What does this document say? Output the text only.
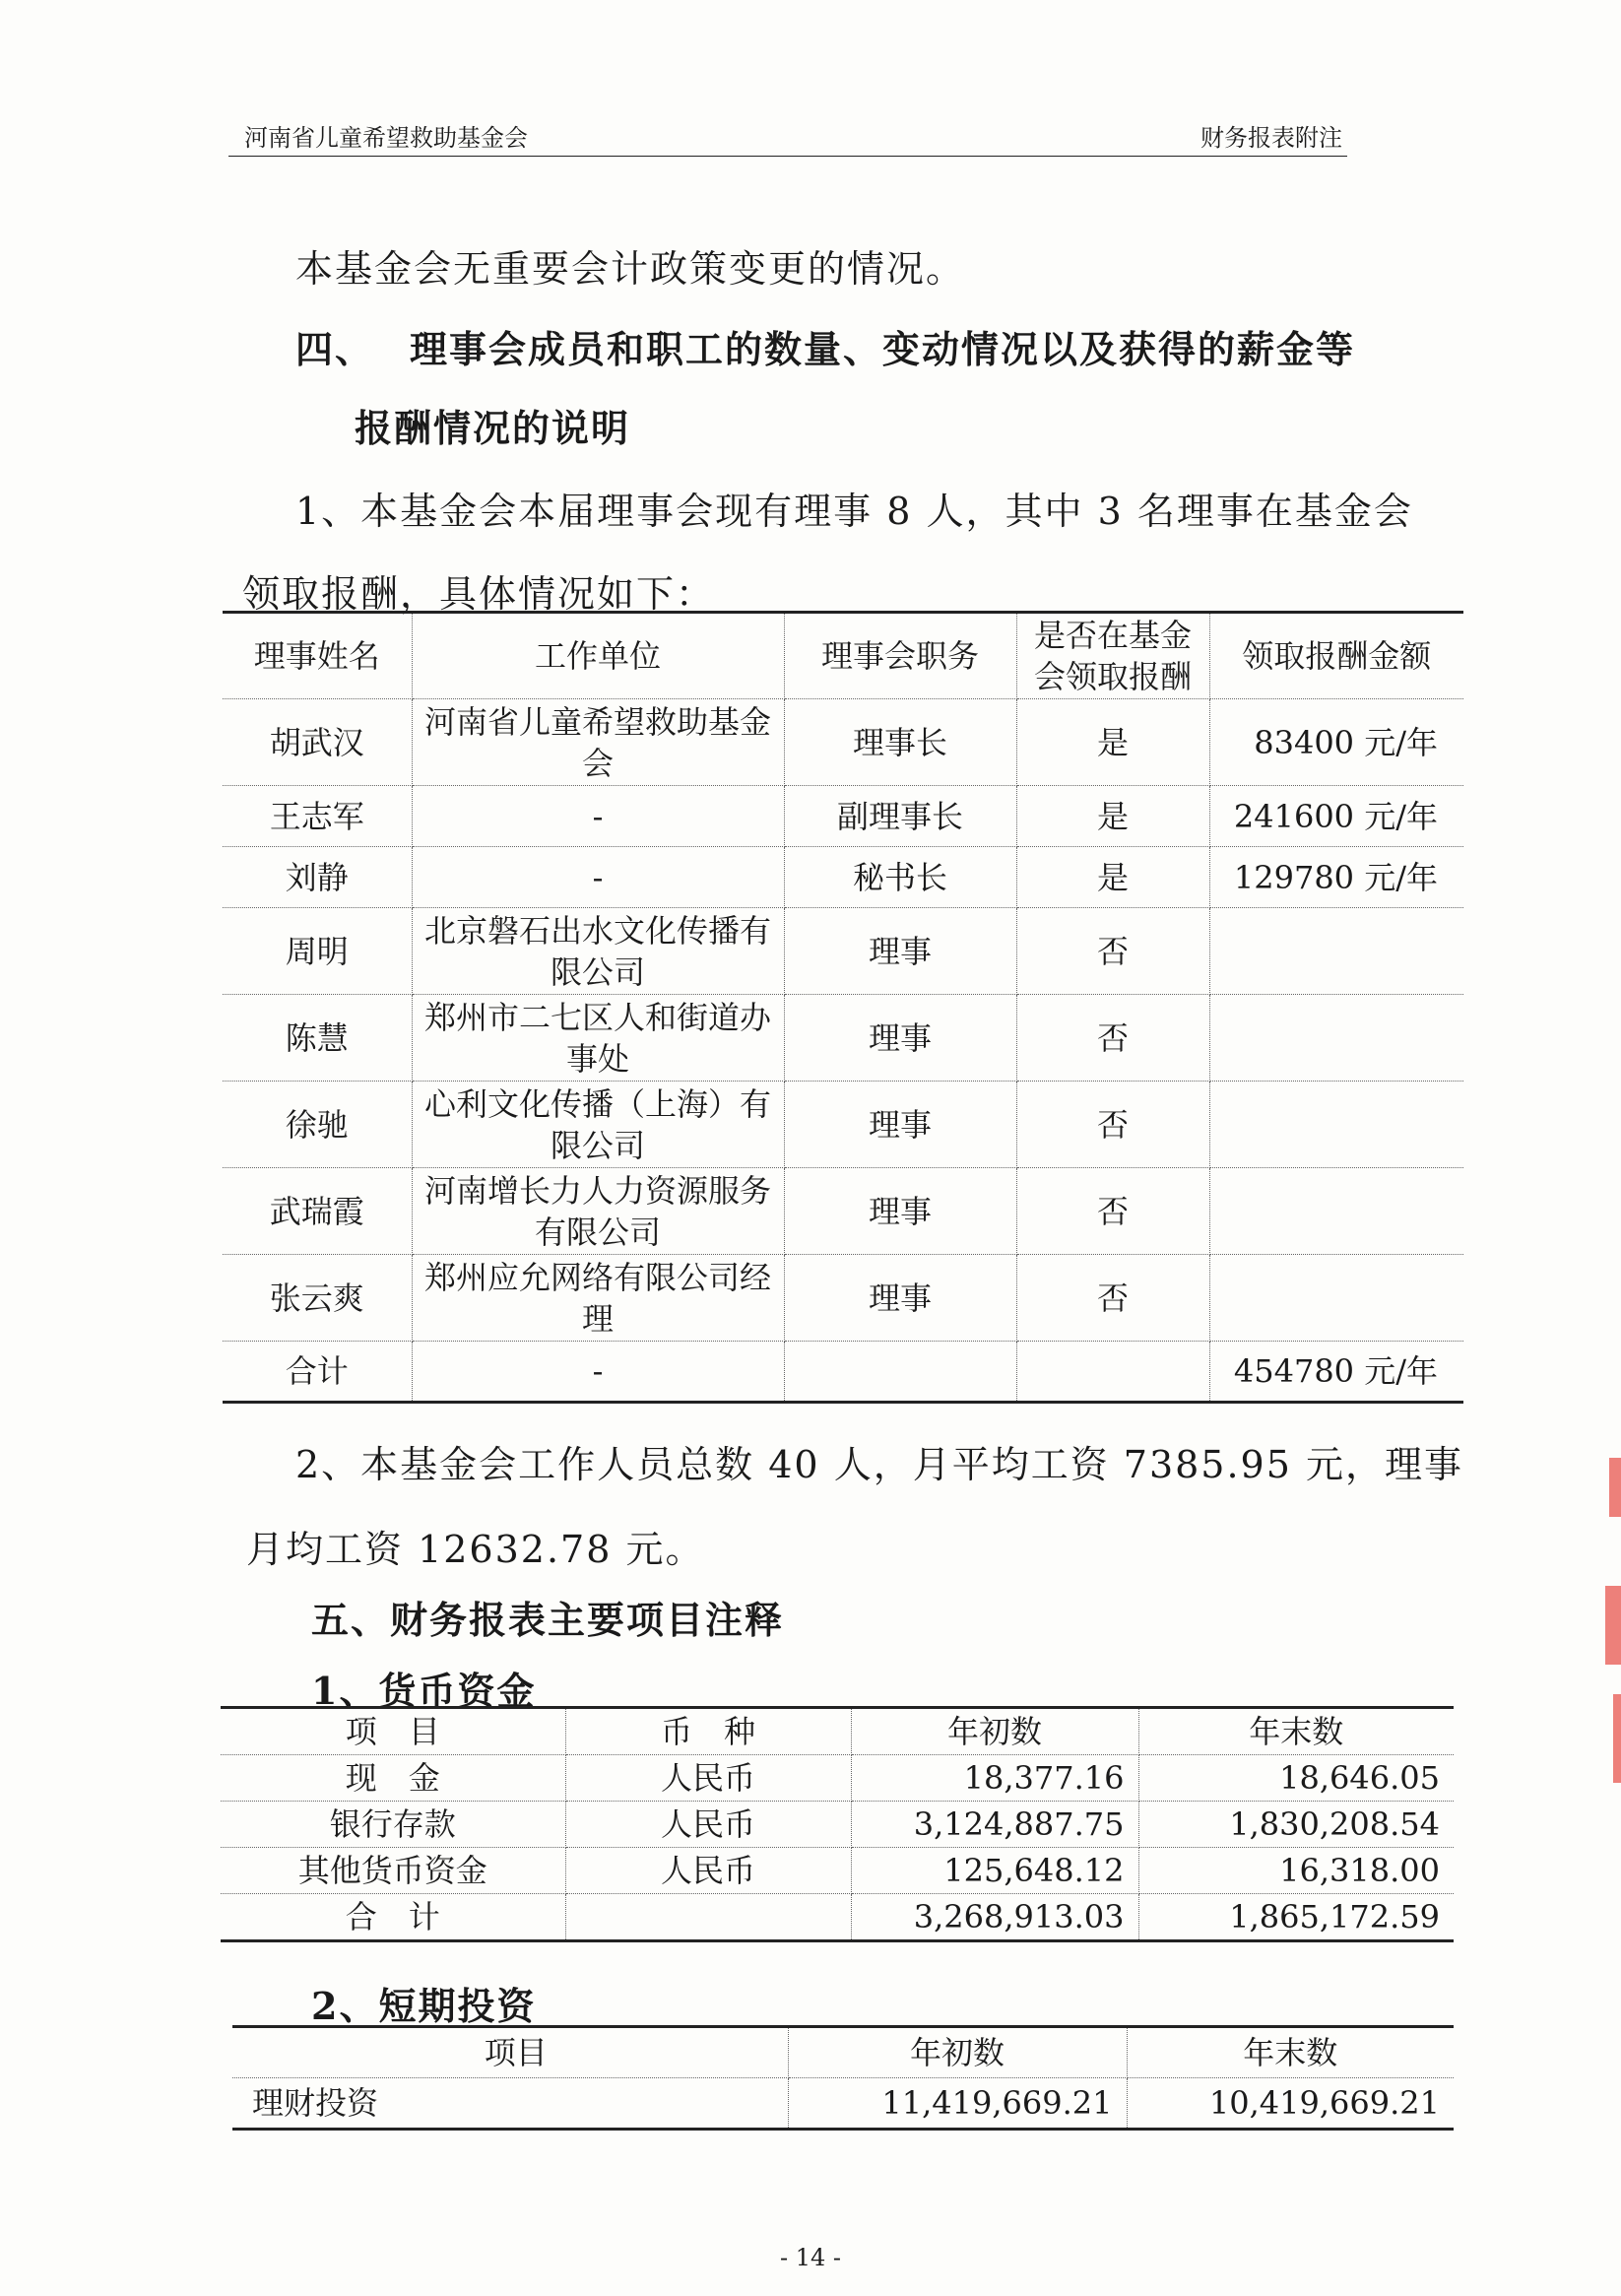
河南省儿童希望救助基金会	财务报表附注
本基金会无重要会计政策变更的情况。
四、 理事会成员和职工的数量、变动情况以及获得的薪金等
报酬情况的说明
1、本基金会本届理事会现有理事 8 人，其中 3 名理事在基金会
领取报酬，具体情况如下：
理事姓名	工作单位	理事会职务	是否在基金会领取报酬	领取报酬金额
胡武汉	河南省儿童希望救助基金会	理事长	是	83400 元/年
王志军	-	副理事长	是	241600 元/年
刘静	-	秘书长	是	129780 元/年
周明	北京磐石出水文化传播有限公司	理事	否	
陈慧	郑州市二七区人和街道办事处	理事	否	
徐驰	心利文化传播（上海）有限公司	理事	否	
武瑞霞	河南增长力人力资源服务有限公司	理事	否	
张云爽	郑州应允网络有限公司经理	理事	否	
合计	-			454780 元/年
2、本基金会工作人员总数 40 人，月平均工资 7385.95 元，理事
月均工资 12632.78 元。
五、财务报表主要项目注释
1、货币资金
项　目	币　种	年初数	年末数
现　金	人民币	18,377.16	18,646.05
银行存款	人民币	3,124,887.75	1,830,208.54
其他货币资金	人民币	125,648.12	16,318.00
合　计		3,268,913.03	1,865,172.59
2、短期投资
项目	年初数	年末数
理财投资	11,419,669.21	10,419,669.21
- 14 -
